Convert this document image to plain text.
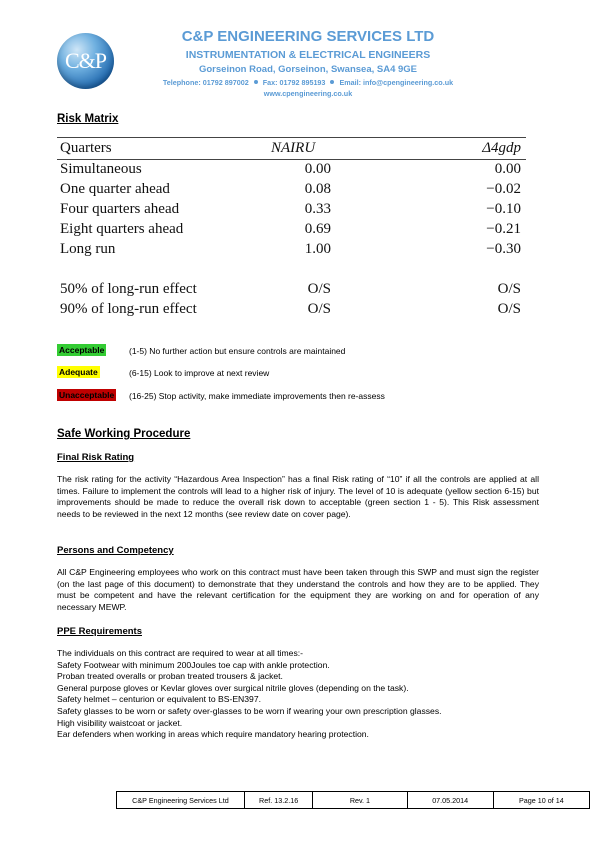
C&P
C&P ENGINEERING SERVICES LTD
INSTRUMENTATION & ELECTRICAL ENGINEERS
Gorseinon Road, Gorseinon, Swansea, SA4 9GE
Telephone: 01792 897002 Fax: 01792 895193 Email: info@cpengineering.co.uk
www.cpengineering.co.uk
Risk Matrix
Quarters	NAIRU	Δ4gdp
Simultaneous	0.00	0.00
One quarter ahead	0.08	−0.02
Four quarters ahead	0.33	−0.10
Eight quarters ahead	0.69	−0.21
Long run	1.00	−0.30
50% of long-run effect	O/S	O/S
90% of long-run effect	O/S	O/S
Acceptable	(1-5) No further action but ensure controls are maintained
Adequate	(6-15) Look to improve at next review
Unacceptable (16-25) Stop activity, make immediate improvements then re-assess
Safe Working Procedure
Final Risk Rating
The risk rating for the activity “Hazardous Area Inspection” has a final Risk rating of “10” if all the controls are applied at all times. Failure to implement the controls will lead to a higher risk of injury. The level of 10 is adequate (yellow section 6-15) but improvements should be made to reduce the overall risk down to acceptable (green section 1 - 5). This Risk assessment needs to be reviewed in the next 12 months (see review date on cover page).
Persons and Competency
All C&P Engineering employees who work on this contract must have been taken through this SWP and must sign the register (on the last page of this document) to demonstrate that they understand the controls and how they are to be applied. They must be competent and have the relevant certification for the equipment they are working on and for operation of any necessary MEWP.
PPE Requirements
The individuals on this contract are required to wear at all times:-
Safety Footwear with minimum 200Joules toe cap with ankle protection.
Proban treated overalls or proban treated trousers & jacket.
General purpose gloves or Kevlar gloves over surgical nitrile gloves (depending on the task).
Safety helmet – centurion or equivalent to BS-EN397.
Safety glasses to be worn or safety over-glasses to be worn if wearing your own prescription glasses.
High visibility waistcoat or jacket.
Ear defenders when working in areas which require mandatory hearing protection.
C&P Engineering Services Ltd	Ref. 13.2.16	Rev. 1	07.05.2014	Page 10 of 14
